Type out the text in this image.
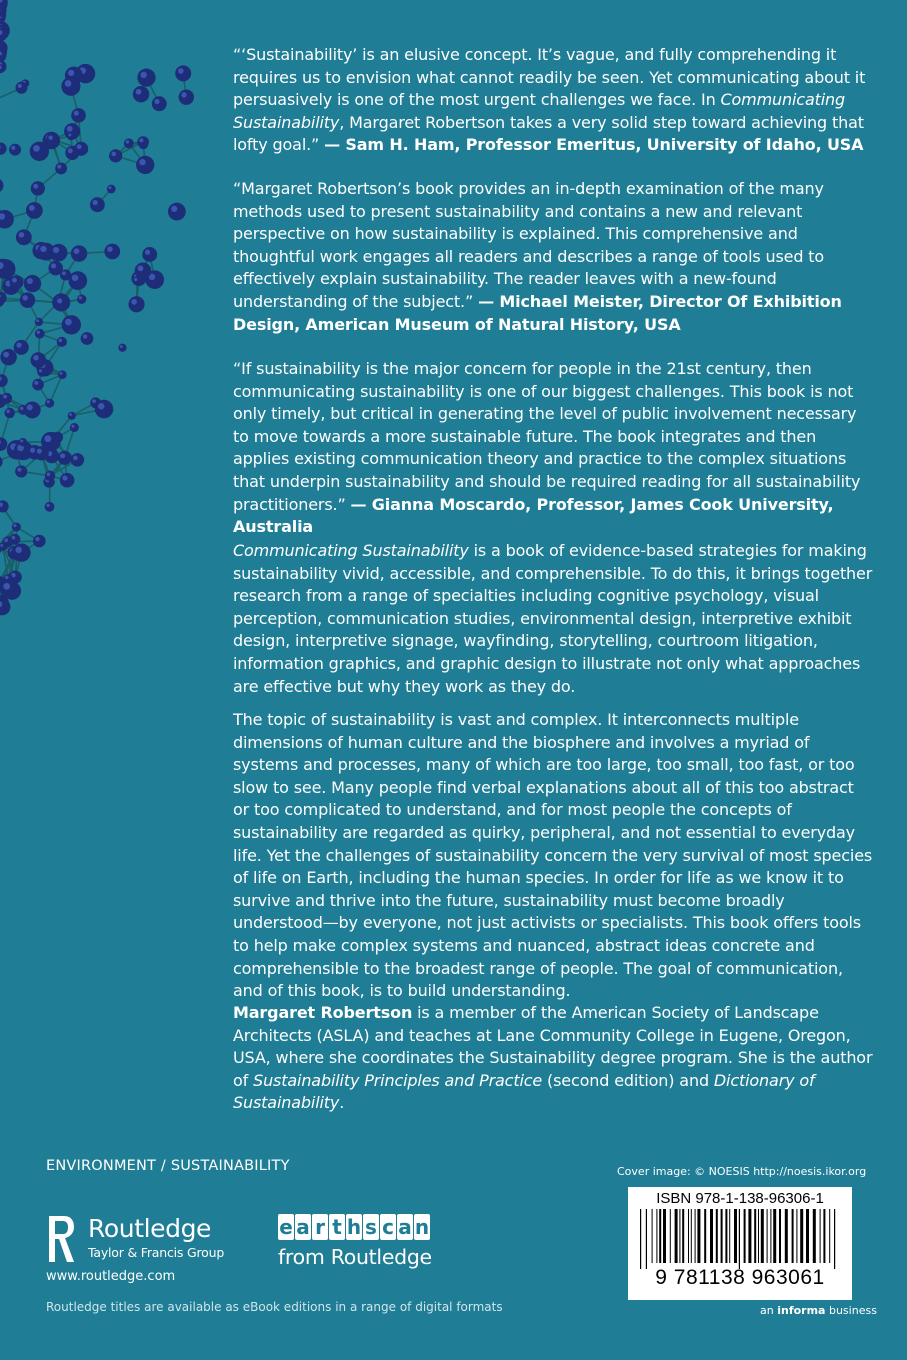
“‘Sustainability’ is an elusive concept. It’s vague, and fully comprehending it requires us to envision what cannot readily be seen. Yet communicating about it persuasively is one of the most urgent challenges we face. In Communicating Sustainability, Margaret Robertson takes a very solid step toward achieving that lofty goal.” — Sam H. Ham, Professor Emeritus, University of Idaho, USA

“Margaret Robertson’s book provides an in-depth examination of the many methods used to present sustainability and contains a new and relevant perspective on how sustainability is explained. This comprehensive and thoughtful work engages all readers and describes a range of tools used to effectively explain sustainability. The reader leaves with a new-found understanding of the subject.” — Michael Meister, Director Of Exhibition Design, American Museum of Natural History, USA

“If sustainability is the major concern for people in the 21st century, then communicating sustainability is one of our biggest challenges. This book is not only timely, but critical in generating the level of public involvement necessary to move towards a more sustainable future. The book integrates and then applies existing communication theory and practice to the complex situations that underpin sustainability and should be required reading for all sustainability practitioners.” — Gianna Moscardo, Professor, James Cook University, Australia

Communicating Sustainability is a book of evidence-based strategies for making sustainability vivid, accessible, and comprehensible. To do this, it brings together research from a range of specialties including cognitive psychology, visual perception, communication studies, environmental design, interpretive exhibit design, interpretive signage, wayfinding, storytelling, courtroom litigation, information graphics, and graphic design to illustrate not only what approaches are effective but why they work as they do.

The topic of sustainability is vast and complex. It interconnects multiple dimensions of human culture and the biosphere and involves a myriad of systems and processes, many of which are too large, too small, too fast, or too slow to see. Many people find verbal explanations about all of this too abstract or too complicated to understand, and for most people the concepts of sustainability are regarded as quirky, peripheral, and not essential to everyday life. Yet the challenges of sustainability concern the very survival of most species of life on Earth, including the human species. In order for life as we know it to survive and thrive into the future, sustainability must become broadly understood—by everyone, not just activists or specialists. This book offers tools to help make complex systems and nuanced, abstract ideas concrete and comprehensible to the broadest range of people. The goal of communication, and of this book, is to build understanding.

Margaret Robertson is a member of the American Society of Landscape Architects (ASLA) and teaches at Lane Community College in Eugene, Oregon, USA, where she coordinates the Sustainability degree program. She is the author of Sustainability Principles and Practice (second edition) and Dictionary of Sustainability.

ENVIRONMENT / SUSTAINABILITY
Routledge
Taylor & Francis Group
www.routledge.com
Routledge titles are available as eBook editions in a range of digital formats
e a r t h s c a n
from Routledge
Cover image: © NOESIS http://noesis.ikor.org
ISBN 978-1-138-96306-1
9 781138 963061
an informa business
